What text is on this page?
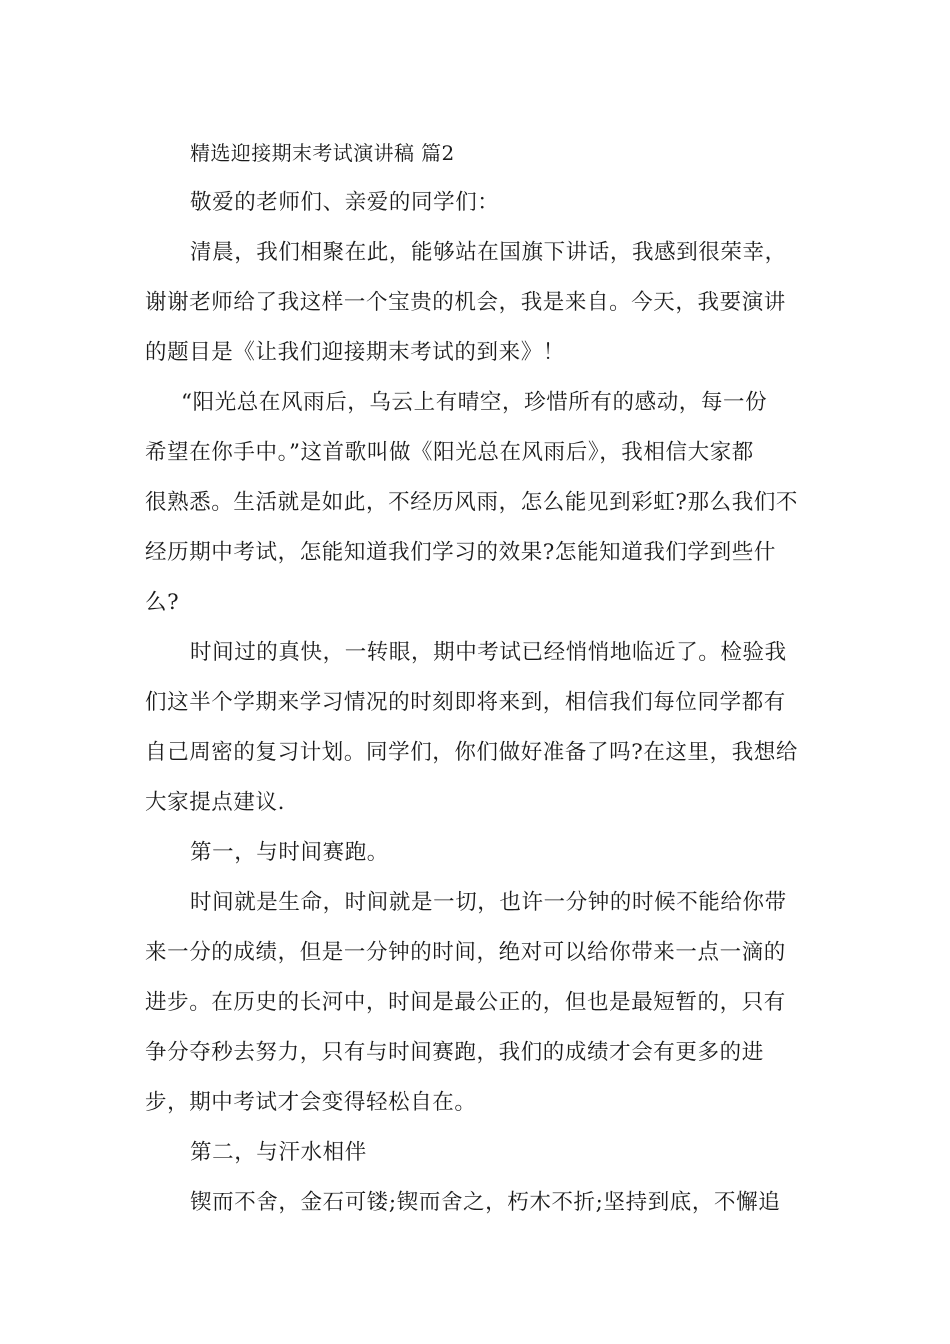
精选迎接期末考试演讲稿 篇2
敬爱的老师们、亲爱的同学们：
清晨，我们相聚在此，能够站在国旗下讲话，我感到很荣幸，
谢谢老师给了我这样一个宝贵的机会，我是来自。今天，我要演讲
的题目是《让我们迎接期末考试的到来》！
“阳光总在风雨后，乌云上有晴空，珍惜所有的感动，每一份
希望在你手中。”这首歌叫做《阳光总在风雨后》，我相信大家都
很熟悉。生活就是如此，不经历风雨，怎么能见到彩虹?那么我们不
经历期中考试，怎能知道我们学习的效果?怎能知道我们学到些什
么?
时间过的真快，一转眼，期中考试已经悄悄地临近了。检验我
们这半个学期来学习情况的时刻即将来到，相信我们每位同学都有
自己周密的复习计划。同学们，你们做好准备了吗?在这里，我想给
大家提点建议.
第一，与时间赛跑。
时间就是生命，时间就是一切，也许一分钟的时候不能给你带
来一分的成绩，但是一分钟的时间，绝对可以给你带来一点一滴的
进步。在历史的长河中，时间是最公正的，但也是最短暂的，只有
争分夺秒去努力，只有与时间赛跑，我们的成绩才会有更多的进
步，期中考试才会变得轻松自在。
第二，与汗水相伴
锲而不舍，金石可镂;锲而舍之，朽木不折;坚持到底，不懈追
